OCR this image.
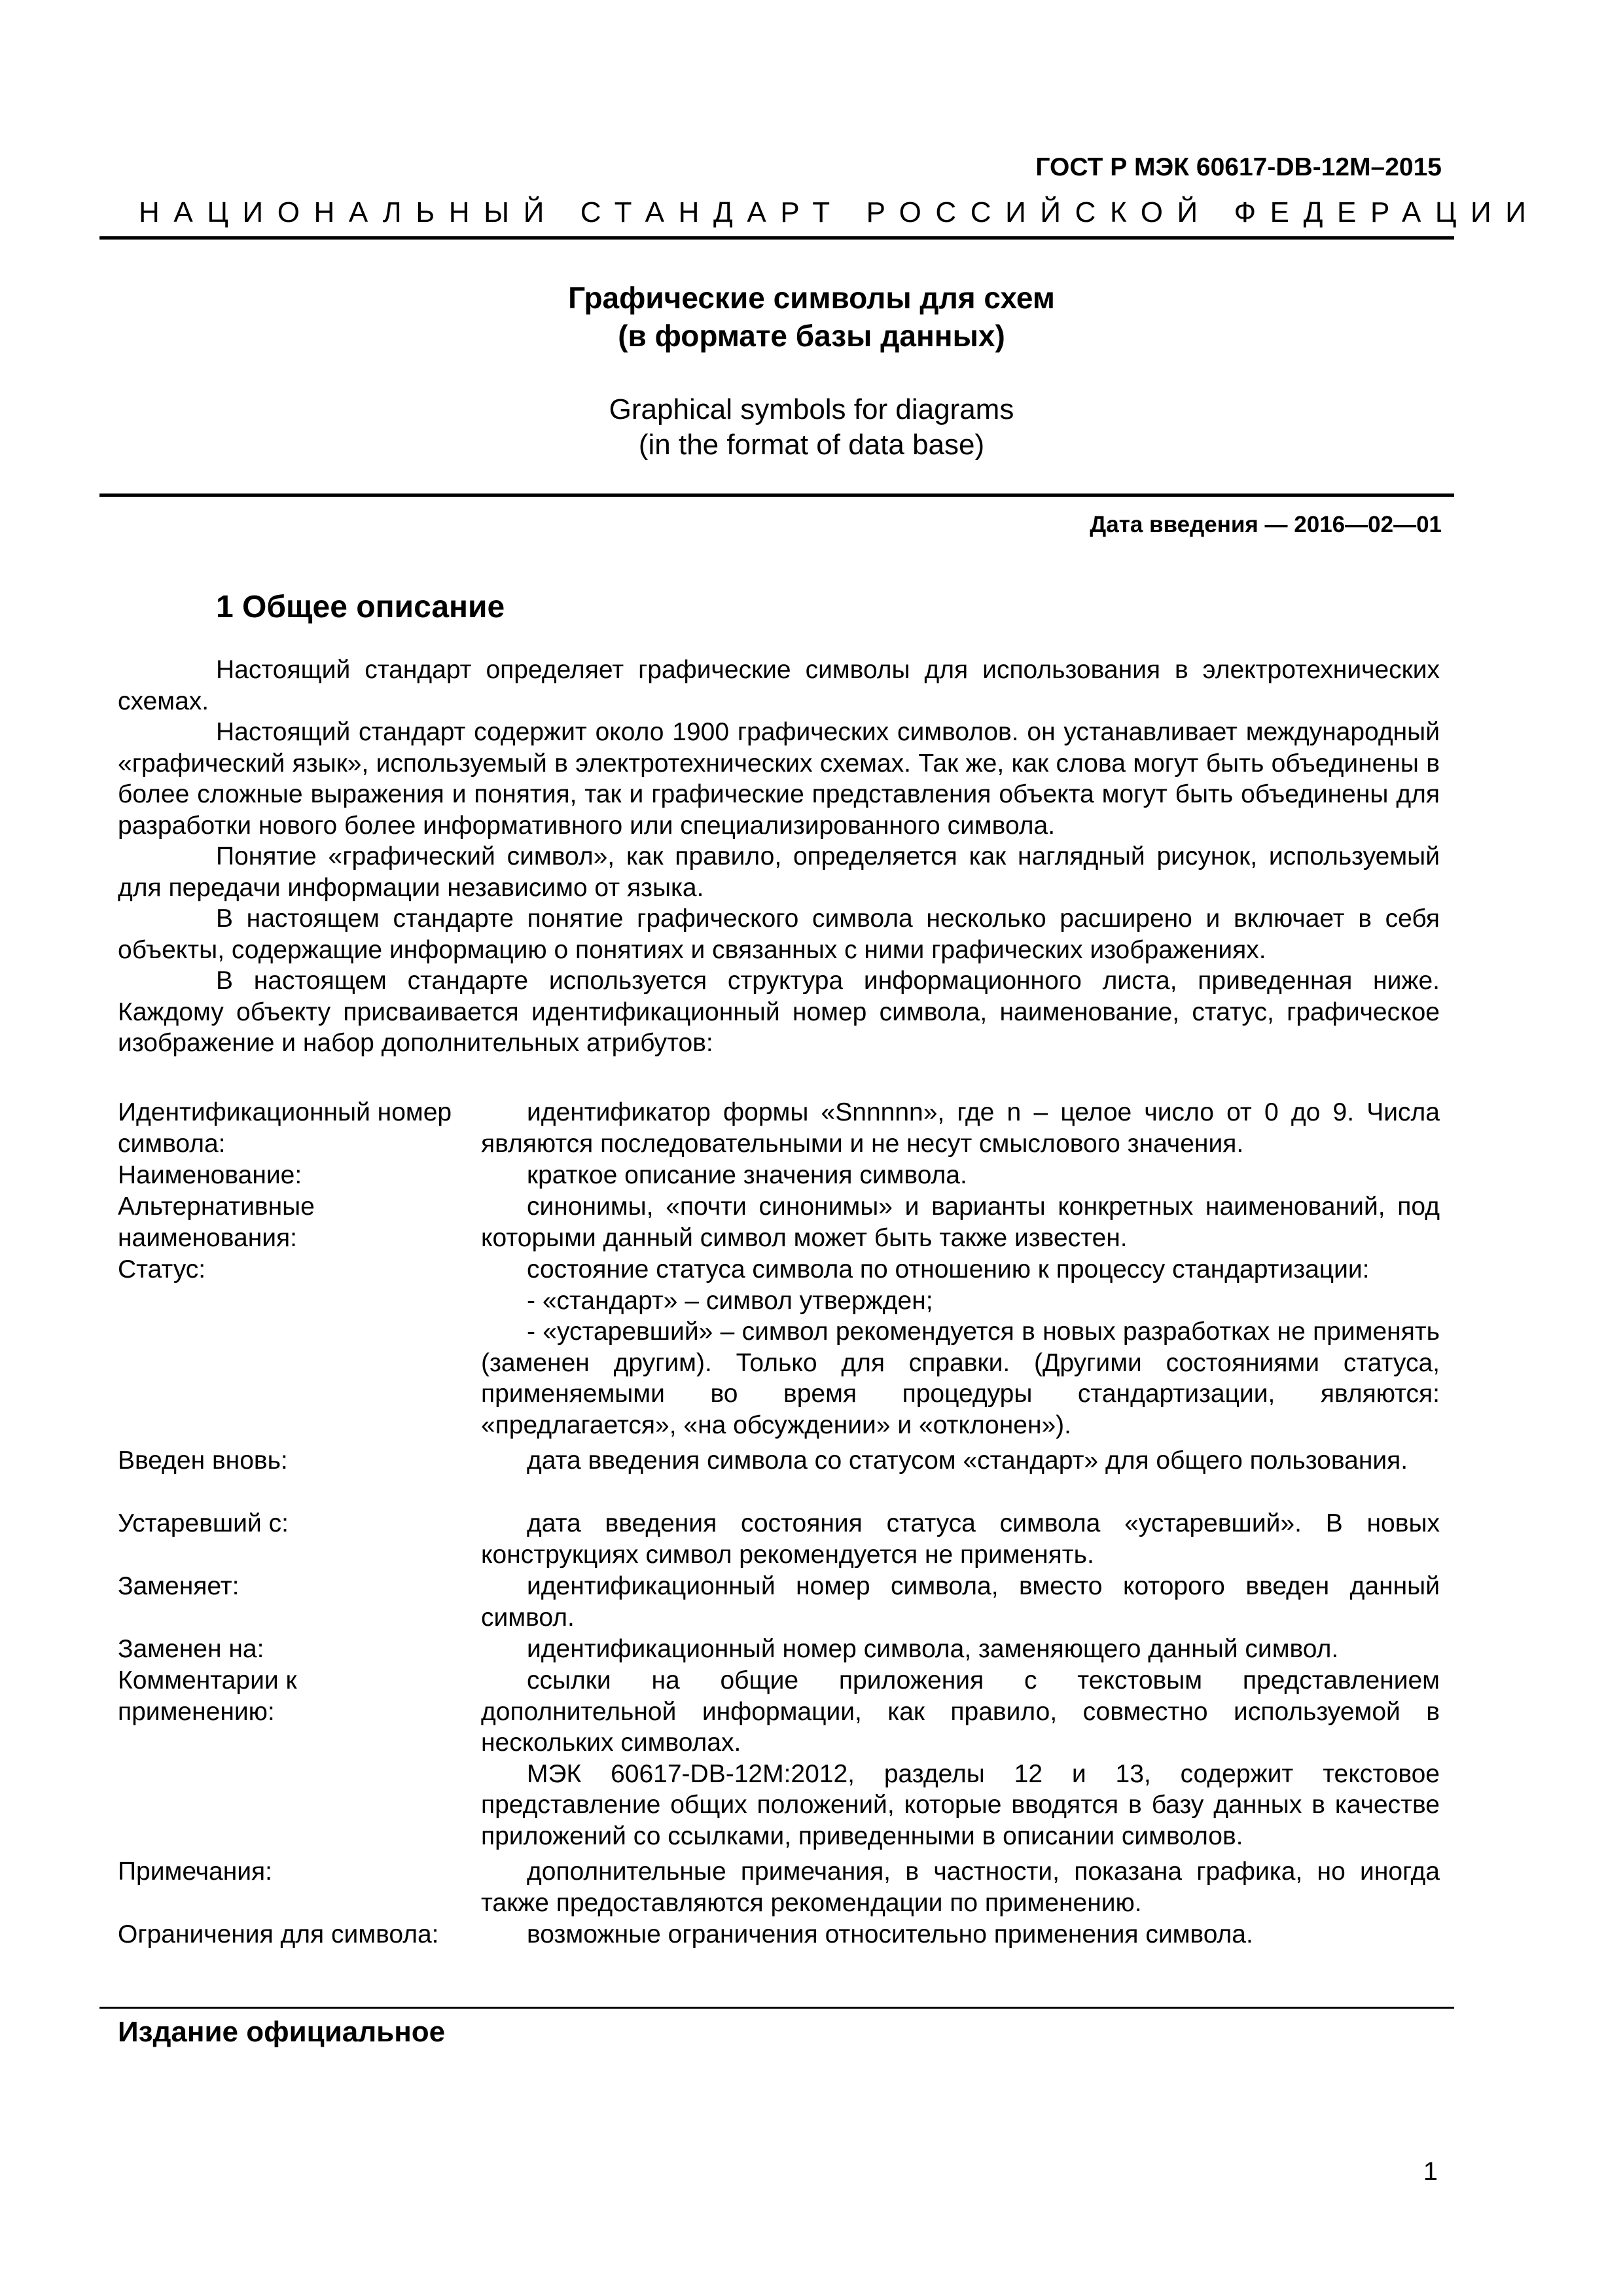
ГОСТ Р МЭК 60617-DB-12M–2015
НАЦИОНАЛЬНЫЙ СТАНДАРТ РОССИЙСКОЙ ФЕДЕРАЦИИ
Графические символы для схем
(в формате базы данных)
Graphical symbols for diagrams
(in the format of data base)
Дата введения — 2016—02—01
1 Общее описание

Настоящий стандарт определяет графические символы для использования в электротехнических схемах.

Настоящий стандарт содержит около 1900 графических символов. он устанавливает международный «графический язык», используемый в электротехнических схемах. Так же, как слова могут быть объединены в более сложные выражения и понятия, так и графические представления объекта могут быть объединены для разработки нового более информативного или специализированного символа.

Понятие «графический символ», как правило, определяется как наглядный рисунок, используемый для передачи информации независимо от языка.

В настоящем стандарте понятие графического символа несколько расширено и включает в себя объекты, содержащие информацию о понятиях и связанных с ними графических изображениях.

В настоящем стандарте используется структура информационного листа, приведенная ниже. Каждому объекту присваивается идентификационный номер символа, наименование, статус, графическое изображение и набор дополнительных атрибутов:

Идентификационный номер символа:
идентификатор формы «Snnnnn», где n – целое число от 0 до 9. Числа являются последовательными и не несут смыслового значения.
Наименование:	краткое описание значения символа.
Альтернативные наименования:
синонимы, «почти синонимы» и варианты конкретных наименований, под которыми данный символ может быть также известен.
Статус:	состояние статуса символа по отношению к процессу стандартизации:
- «стандарт» – символ утвержден;
- «устаревший» – символ рекомендуется в новых разработках не применять (заменен другим). Только для справки. (Другими состояниями статуса, применяемыми во время процедуры стандартизации, являются: «предлагается», «на обсуждении» и «отклонен»).
Введен вновь:	дата введения символа со статусом «стандарт» для общего пользования.
Устаревший с:	дата введения состояния статуса символа «устаревший». В новых конструкциях символ рекомендуется не применять.
Заменяет:	идентификационный номер символа, вместо которого введен данный символ.
Заменен на:	идентификационный номер символа, заменяющего данный символ.
Комментарии к применению:
ссылки на общие приложения с текстовым представлением дополнительной информации, как правило, совместно используемой в нескольких символах.
МЭК 60617-DB-12M:2012, разделы 12 и 13, содержит текстовое представление общих положений, которые вводятся в базу данных в качестве приложений со ссылками, приведенными в описании символов.
Примечания:	дополнительные примечания, в частности, показана графика, но иногда также предоставляются рекомендации по применению.
Ограничения для символа:	возможные ограничения относительно применения символа.
Издание официальное
1
